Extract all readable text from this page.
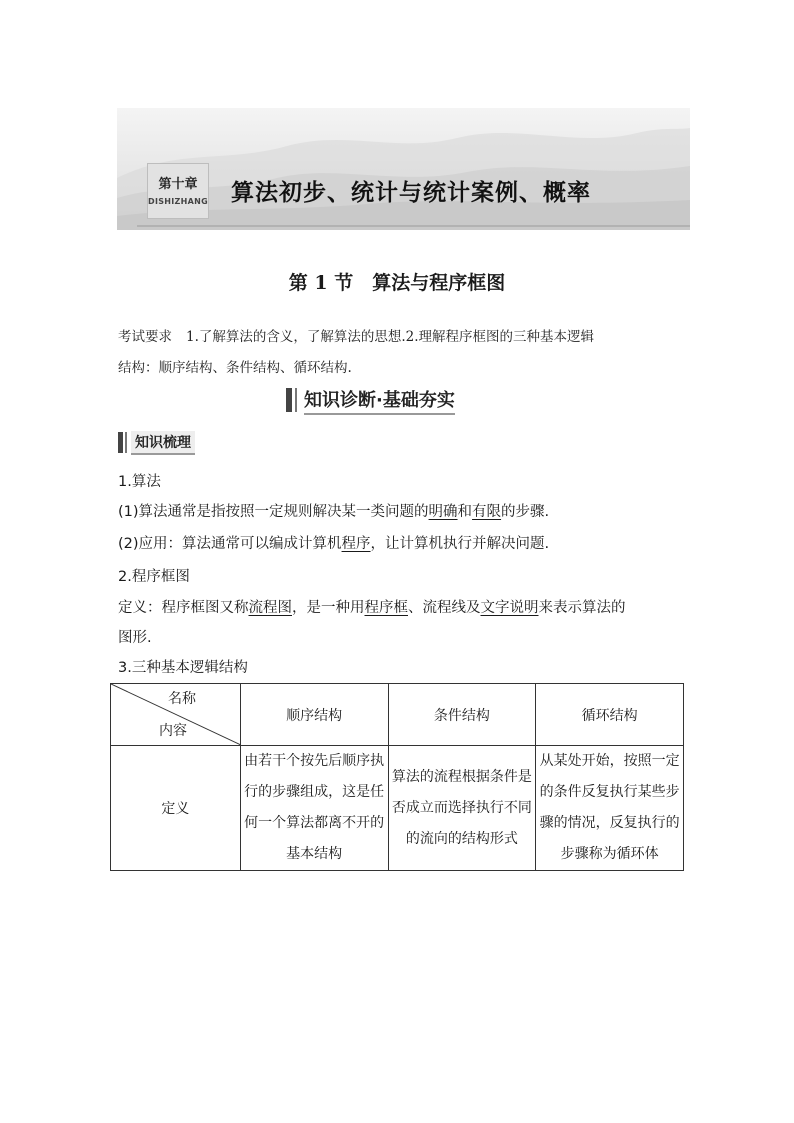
第十章
DISHIZHANG 算法初步、统计与统计案例、概率
第 1 节　算法与程序框图
考试要求 1.了解算法的含义，了解算法的思想.2.理解程序框图的三种基本逻辑
结构：顺序结构、条件结构、循环结构.
知识诊断·基础夯实
知识梳理
1.算法
(1)算法通常是指按照一定规则解决某一类问题的明确和有限的步骤.
(2)应用：算法通常可以编成计算机程序，让计算机执行并解决问题.
2.程序框图
定义：程序框图又称流程图，是一种用程序框、流程线及文字说明来表示算法的
图形.
3.三种基本逻辑结构
名称
内容	顺序结构	条件结构	循环结构
定义	由若干个按先后顺序执行的步骤组成，这是任何一个算法都离不开的基本结构	算法的流程根据条件是否成立而选择执行不同的流向的结构形式	从某处开始，按照一定的条件反复执行某些步骤的情况，反复执行的步骤称为循环体
